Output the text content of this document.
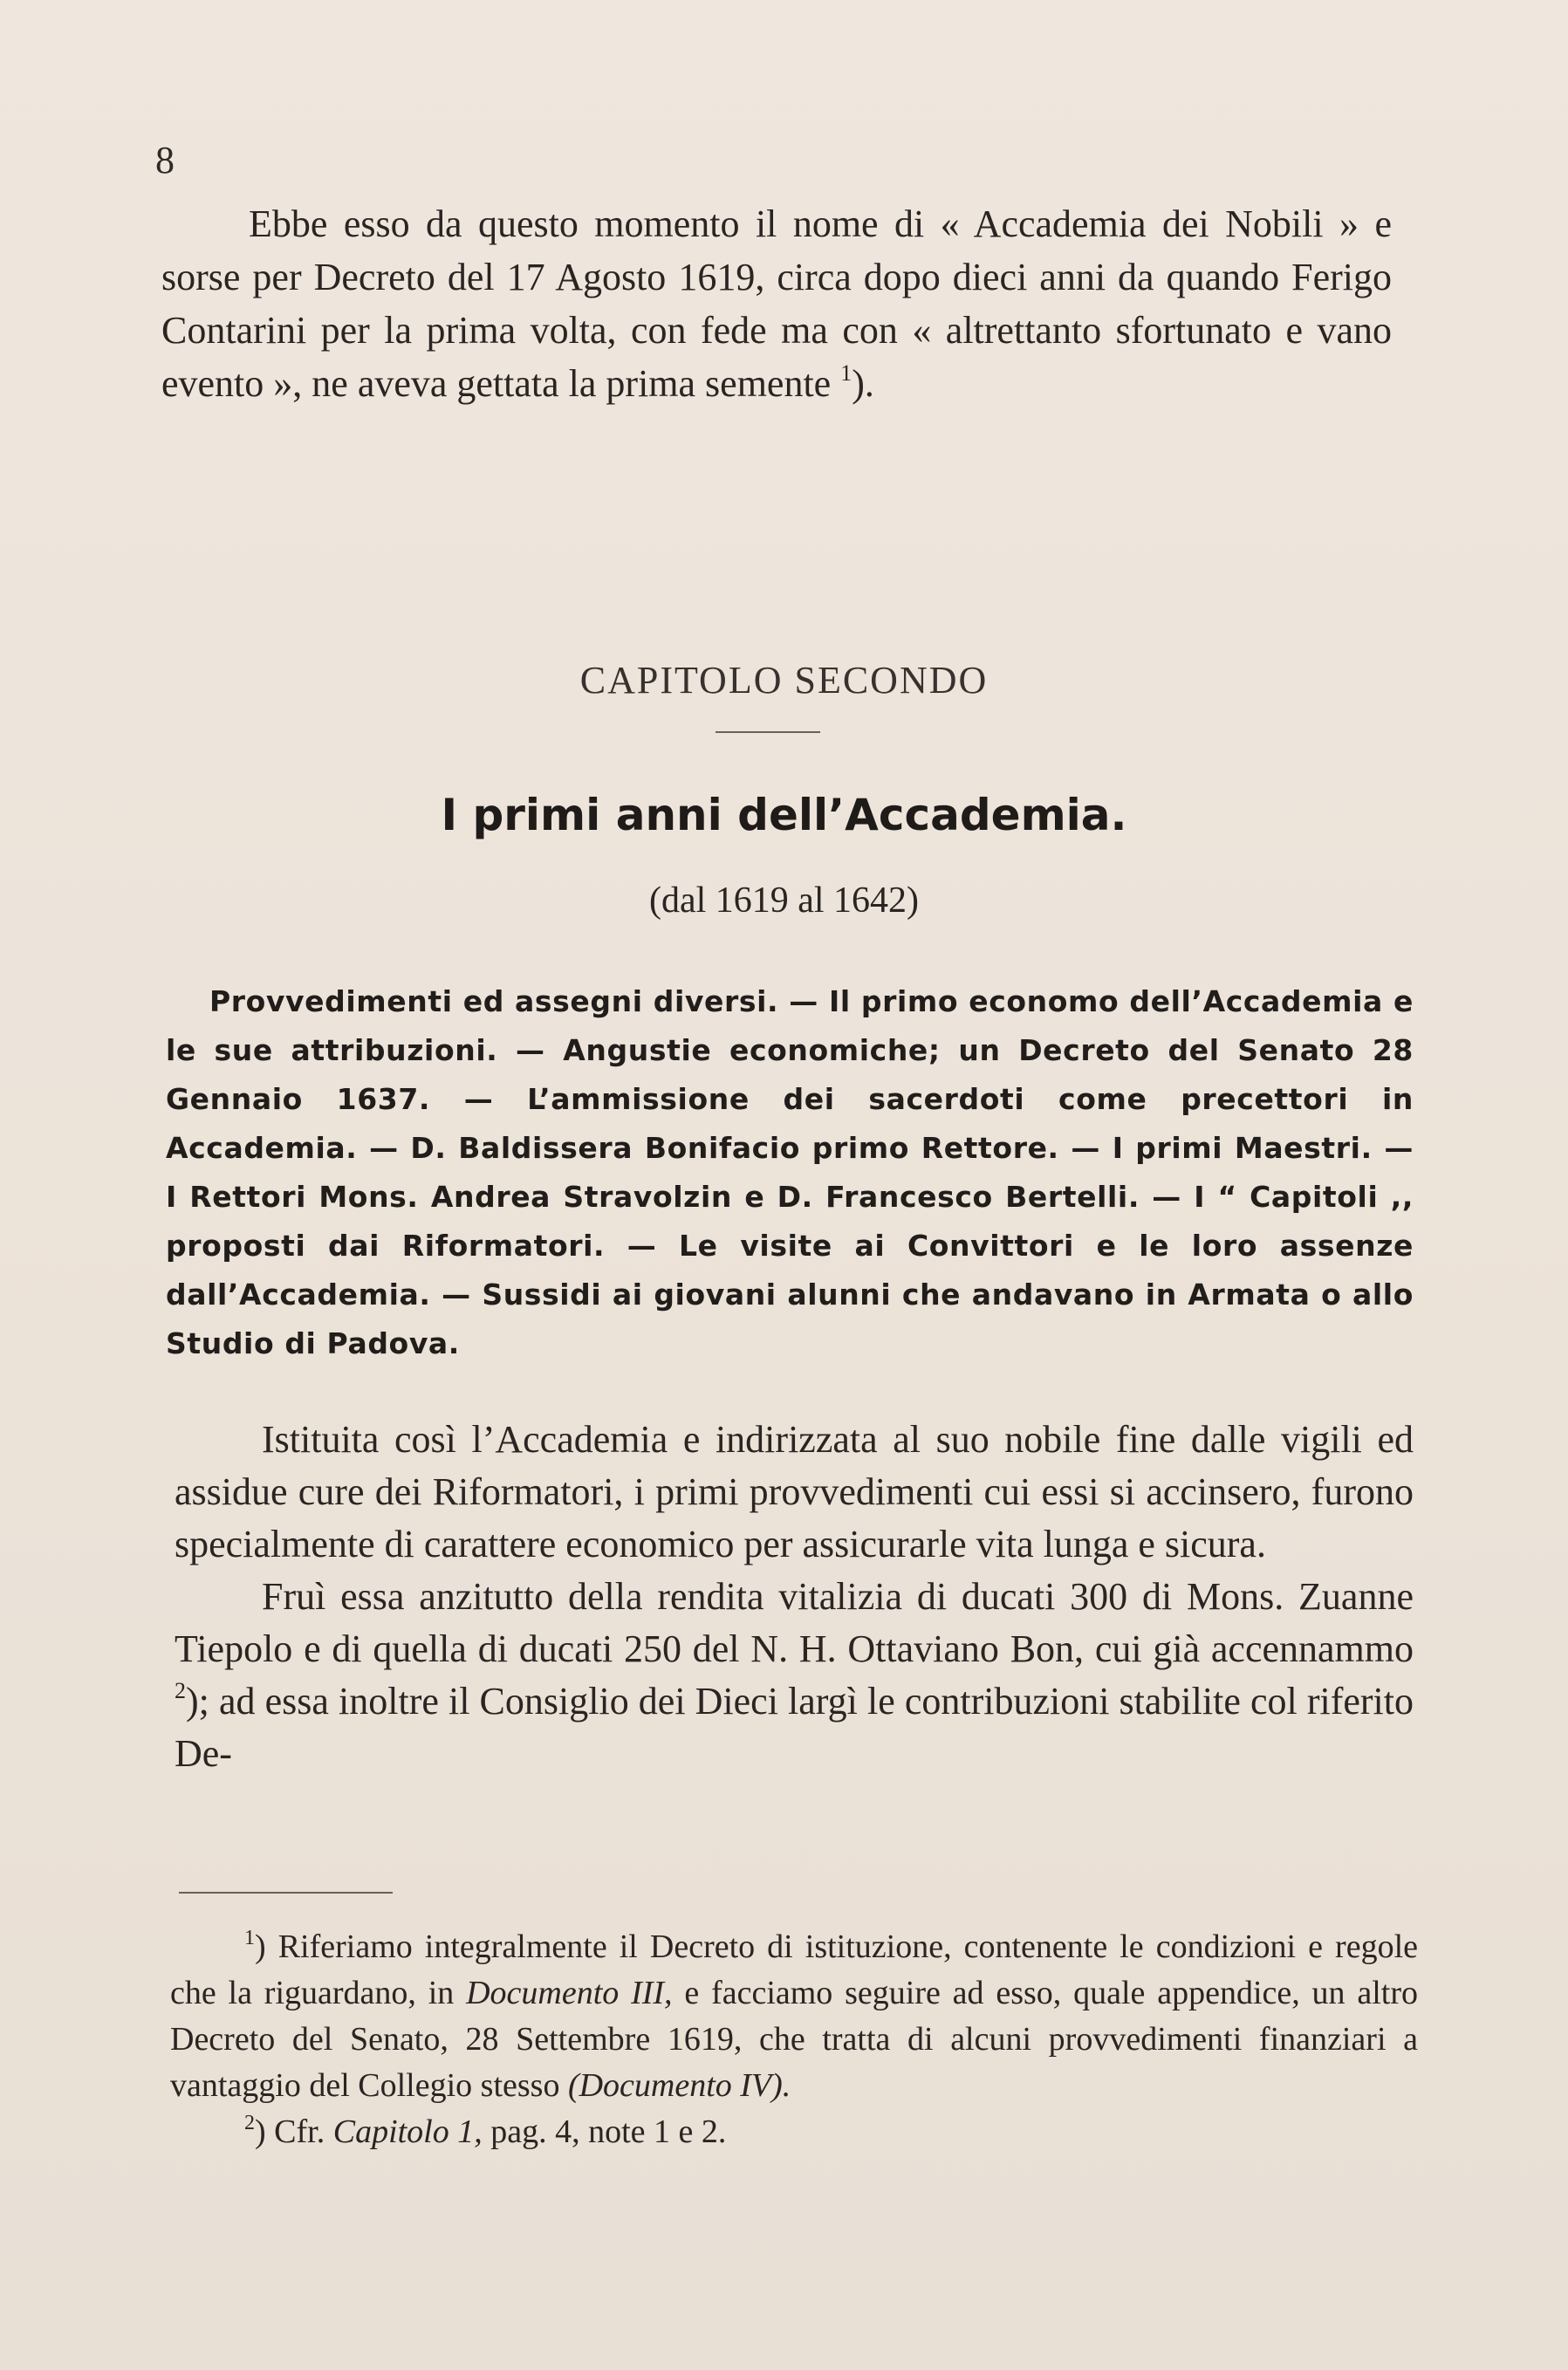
8

Ebbe esso da questo momento il nome di « Accademia dei Nobili » e sorse per Decreto del 17 Agosto 1619, circa dopo dieci anni da quando Ferigo Contarini per la prima volta, con fede ma con « altrettanto sfortunato e vano evento », ne aveva gettata la prima semente $^1$).

CAPITOLO SECONDO
I primi anni dell’Accademia.
(dal 1619 al 1642)

Provvedimenti ed assegni diversi. — Il primo economo dell’Accademia e le sue attribuzioni. — Angustie economiche; un Decreto del Senato 28 Gennaio 1637. — L’ammissione dei sacerdoti come precettori in Accademia. — D. Baldissera Bonifacio primo Rettore. — I primi Maestri. — I Rettori Mons. Andrea Stravolzin e D. Francesco Bertelli. — I “ Capitoli ,, proposti dai Riformatori. — Le visite ai Convittori e le loro assenze dall’Accademia. — Sussidi ai giovani alunni che andavano in Armata o allo Studio di Padova.

Istituita così l’Accademia e indirizzata al suo nobile fine dalle vigili ed assidue cure dei Riformatori, i primi provvedimenti cui essi si accinsero, furono specialmente di carattere economico per assicurarle vita lunga e sicura.

Fruì essa anzitutto della rendita vitalizia di ducati 300 di Mons. Zuanne Tiepolo e di quella di ducati 250 del N. H. Ottaviano Bon, cui già accennammo $^2$); ad essa inoltre il Consiglio dei Dieci largì le contribuzioni stabilite col riferito De-

$^1$) Riferiamo integralmente il Decreto di istituzione, contenente le condizioni e regole che la riguardano, in Documento III, e facciamo seguire ad esso, quale appendice, un altro Decreto del Senato, 28 Settembre 1619, che tratta di alcuni provvedimenti finanziari a vantaggio del Collegio stesso (Documento IV).

$^2$) Cfr. Capitolo 1, pag. 4, note 1 e 2.
